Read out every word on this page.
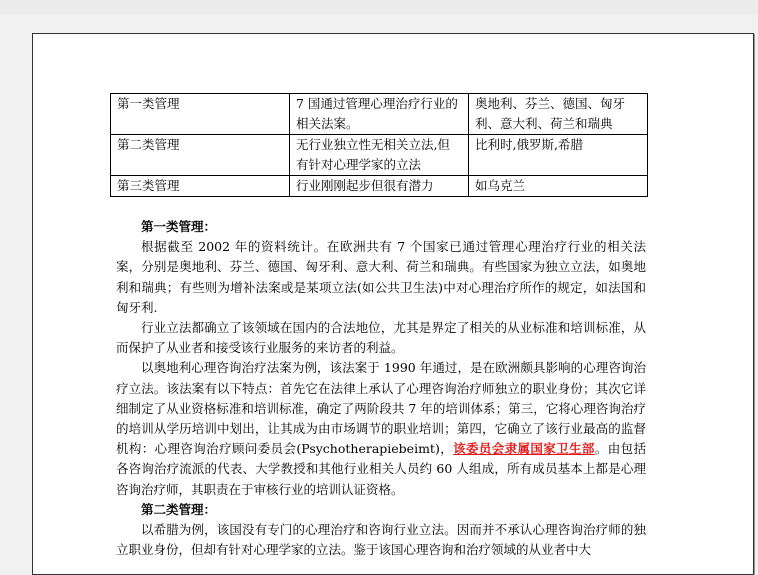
第一类管理	7 国通过管理心理治疗行业的相关法案。	奥地利、芬兰、德国、匈牙利、意大利、荷兰和瑞典
第二类管理	无行业独立性无相关立法,但有针对心理学家的立法	比利时,俄罗斯,希腊
第三类管理	行业刚刚起步但很有潜力	如乌克兰
第一类管理：

根据截至 2002 年的资料统计。在欧洲共有 7 个国家已通过管理心理治疗行业的相关法案，分别是奥地利、芬兰、德国、匈牙利、意大利、荷兰和瑞典。有些国家为独立立法，如奥地利和瑞典；有些则为增补法案或是某项立法(如公共卫生法)中对心理治疗所作的规定，如法国和匈牙利.

行业立法都确立了该领域在国内的合法地位，尤其是界定了相关的从业标准和培训标准，从而保护了从业者和接受该行业服务的来访者的利益。

以奥地利心理咨询治疗法案为例，该法案于 1990 年通过，是在欧洲颇具影响的心理咨询治疗立法。该法案有以下特点：首先它在法律上承认了心理咨询治疗师独立的职业身份；其次它详细制定了从业资格标准和培训标准，确定了两阶段共 7 年的培训体系；第三，它将心理咨询治疗的培训从学历培训中划出，让其成为由市场调节的职业培训；第四，它确立了该行业最高的监督机构：心理咨询治疗顾问委员会(Psychotherapiebeimt)，该委员会隶属国家卫生部。由包括各咨询治疗流派的代表、大学教授和其他行业相关人员约 60 人组成，所有成员基本上都是心理咨询治疗师，其职责在于审核行业的培训认证资格。

第二类管理：

以希腊为例，该国没有专门的心理治疗和咨询行业立法。因而并不承认心理咨询治疗师的独立职业身份，但却有针对心理学家的立法。鉴于该国心理咨询和治疗领域的从业者中大
